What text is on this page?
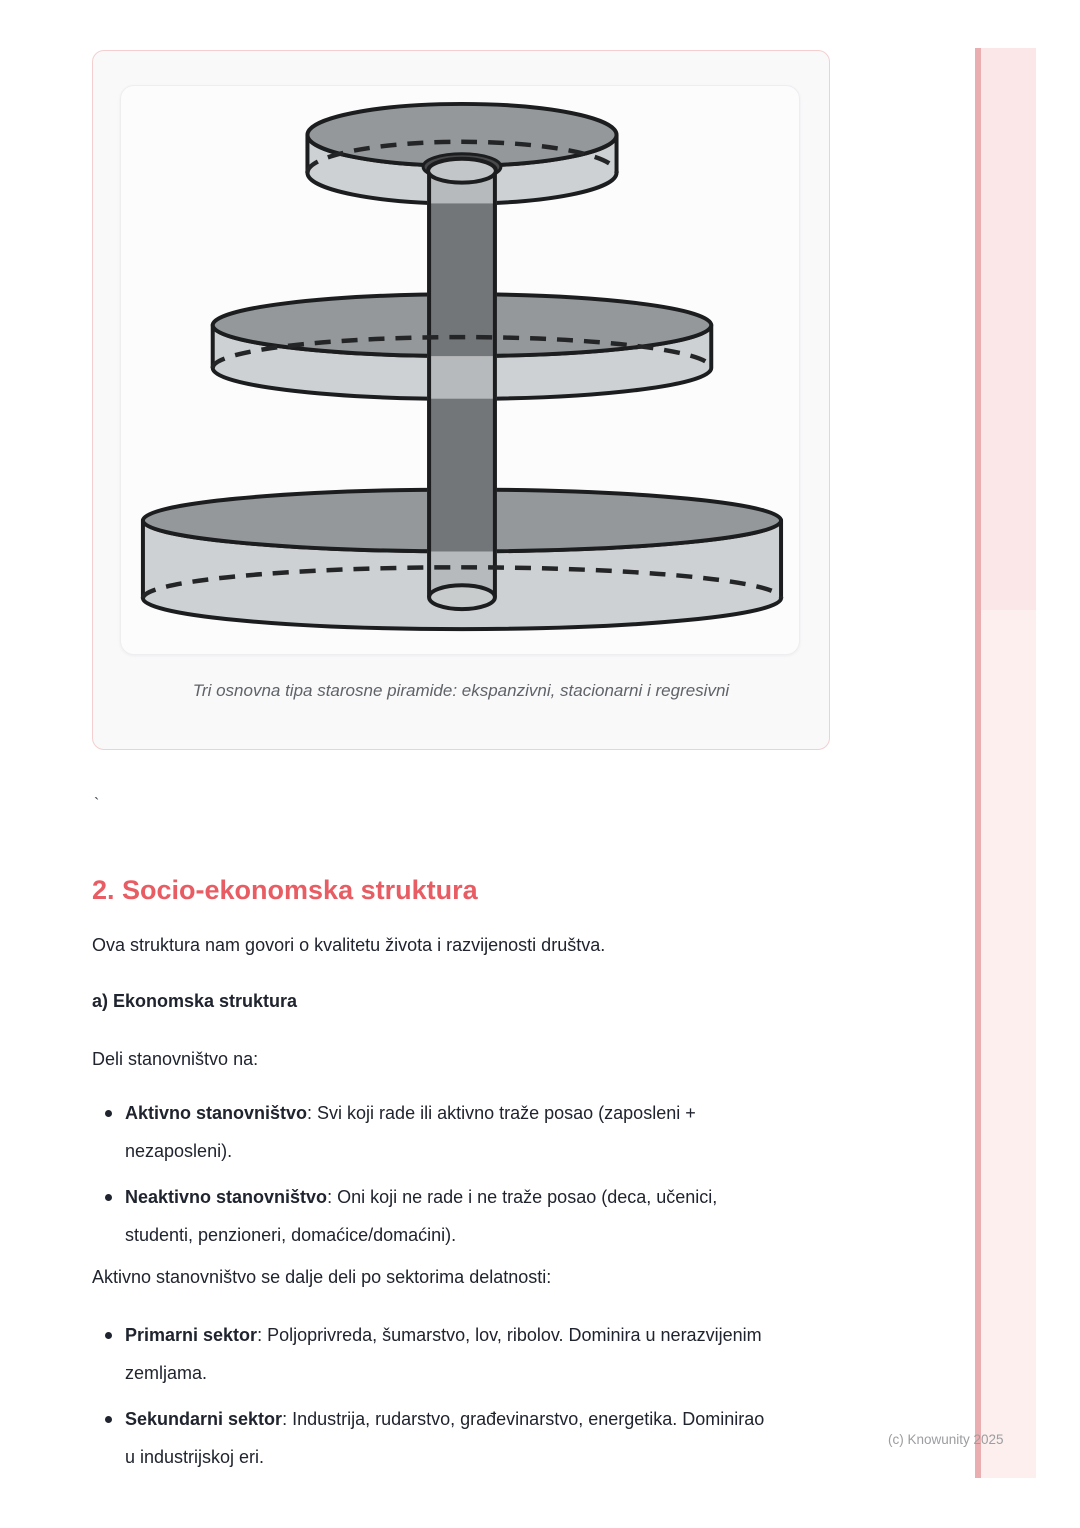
Tri osnovna tipa starosne piramide: ekspanzivni, stacionarni i regresivni
`
2. Socio-ekonomska struktura

Ova struktura nam govori o kvalitetu života i razvijenosti društva.

a) Ekonomska struktura

Deli stanovništvo na:

Aktivno stanovništvo: Svi koji rade ili aktivno traže posao (zaposleni + nezaposleni).
Neaktivno stanovništvo: Oni koji ne rade i ne traže posao (deca, učenici, studenti, penzioneri, domaćice/domaćini).

Aktivno stanovništvo se dalje deli po sektorima delatnosti:

Primarni sektor: Poljoprivreda, šumarstvo, lov, ribolov. Dominira u nerazvijenim zemljama.
Sekundarni sektor: Industrija, rudarstvo, građevinarstvo, energetika. Dominirao u industrijskoj eri.
(c) Knowunity 2025
